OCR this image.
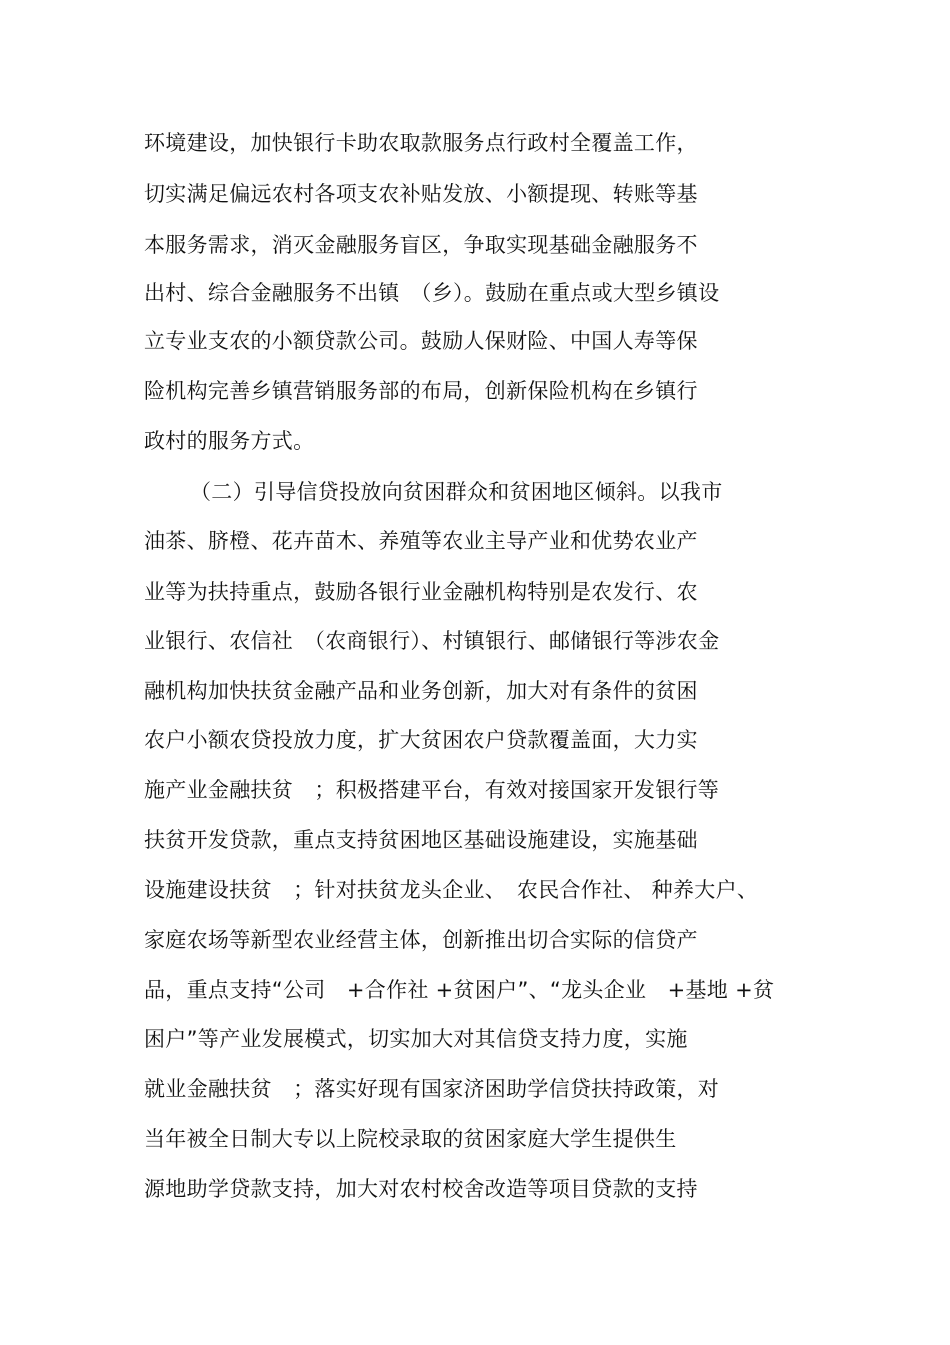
环境建设，加快银行卡助农取款服务点行政村全覆盖工作，
切实满足偏远农村各项支农补贴发放、小额提现、转账等基
本服务需求，消灭金融服务盲区，争取实现基础金融服务不
出村、综合金融服务不出镇　（乡）。鼓励在重点或大型乡镇设
立专业支农的小额贷款公司。鼓励人保财险、中国人寿等保
险机构完善乡镇营销服务部的布局，创新保险机构在乡镇行
政村的服务方式。
（二）引导信贷投放向贫困群众和贫困地区倾斜。以我市
油茶、脐橙、花卉苗木、养殖等农业主导产业和优势农业产
业等为扶持重点，鼓励各银行业金融机构特别是农发行、农
业银行、农信社　（农商银行）、村镇银行、邮储银行等涉农金
融机构加快扶贫金融产品和业务创新，加大对有条件的贫困
农户小额农贷投放力度，扩大贫困农户贷款覆盖面，大力实
施产业金融扶贫　；积极搭建平台，有效对接国家开发银行等
扶贫开发贷款，重点支持贫困地区基础设施建设，实施基础
设施建设扶贫　；针对扶贫龙头企业、　农民合作社、 种养大户、
家庭农场等新型农业经营主体，创新推出切合实际的信贷产
品，重点支持“公司　+合作社 +贫困户”、“龙头企业　+基地 +贫
困户”等产业发展模式，切实加大对其信贷支持力度，实施
就业金融扶贫　；落实好现有国家济困助学信贷扶持政策，对
当年被全日制大专以上院校录取的贫困家庭大学生提供生
源地助学贷款支持，加大对农村校舍改造等项目贷款的支持
